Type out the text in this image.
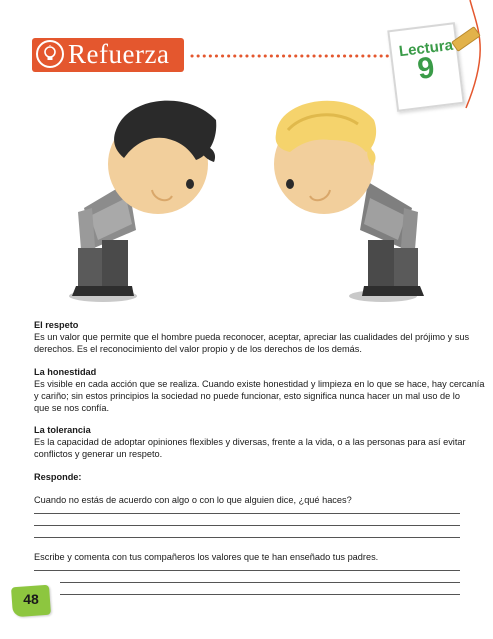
Refuerza	Lectura
9
El respeto
Es un valor que permite que el hombre pueda reconocer, aceptar, apreciar las cualidades del prójimo y sus
derechos. Es el reconocimiento del valor propio y de los derechos de los demás.
La honestidad
Es visible en cada acción que se realiza. Cuando existe honestidad y limpieza en lo que se hace, hay cercanía
y cariño; sin estos principios la sociedad no puede funcionar, esto significa nunca hacer un mal uso de lo
que se nos confía.
La tolerancia
Es la capacidad de adoptar opiniones flexibles y diversas, frente a la vida, o a las personas para así evitar
conflictos y generar un respeto.
Responde:
Cuando no estás de acuerdo con algo o con lo que alguien dice, ¿qué haces?
Escribe y comenta con tus compañeros los valores que te han enseñado tus padres.
48
